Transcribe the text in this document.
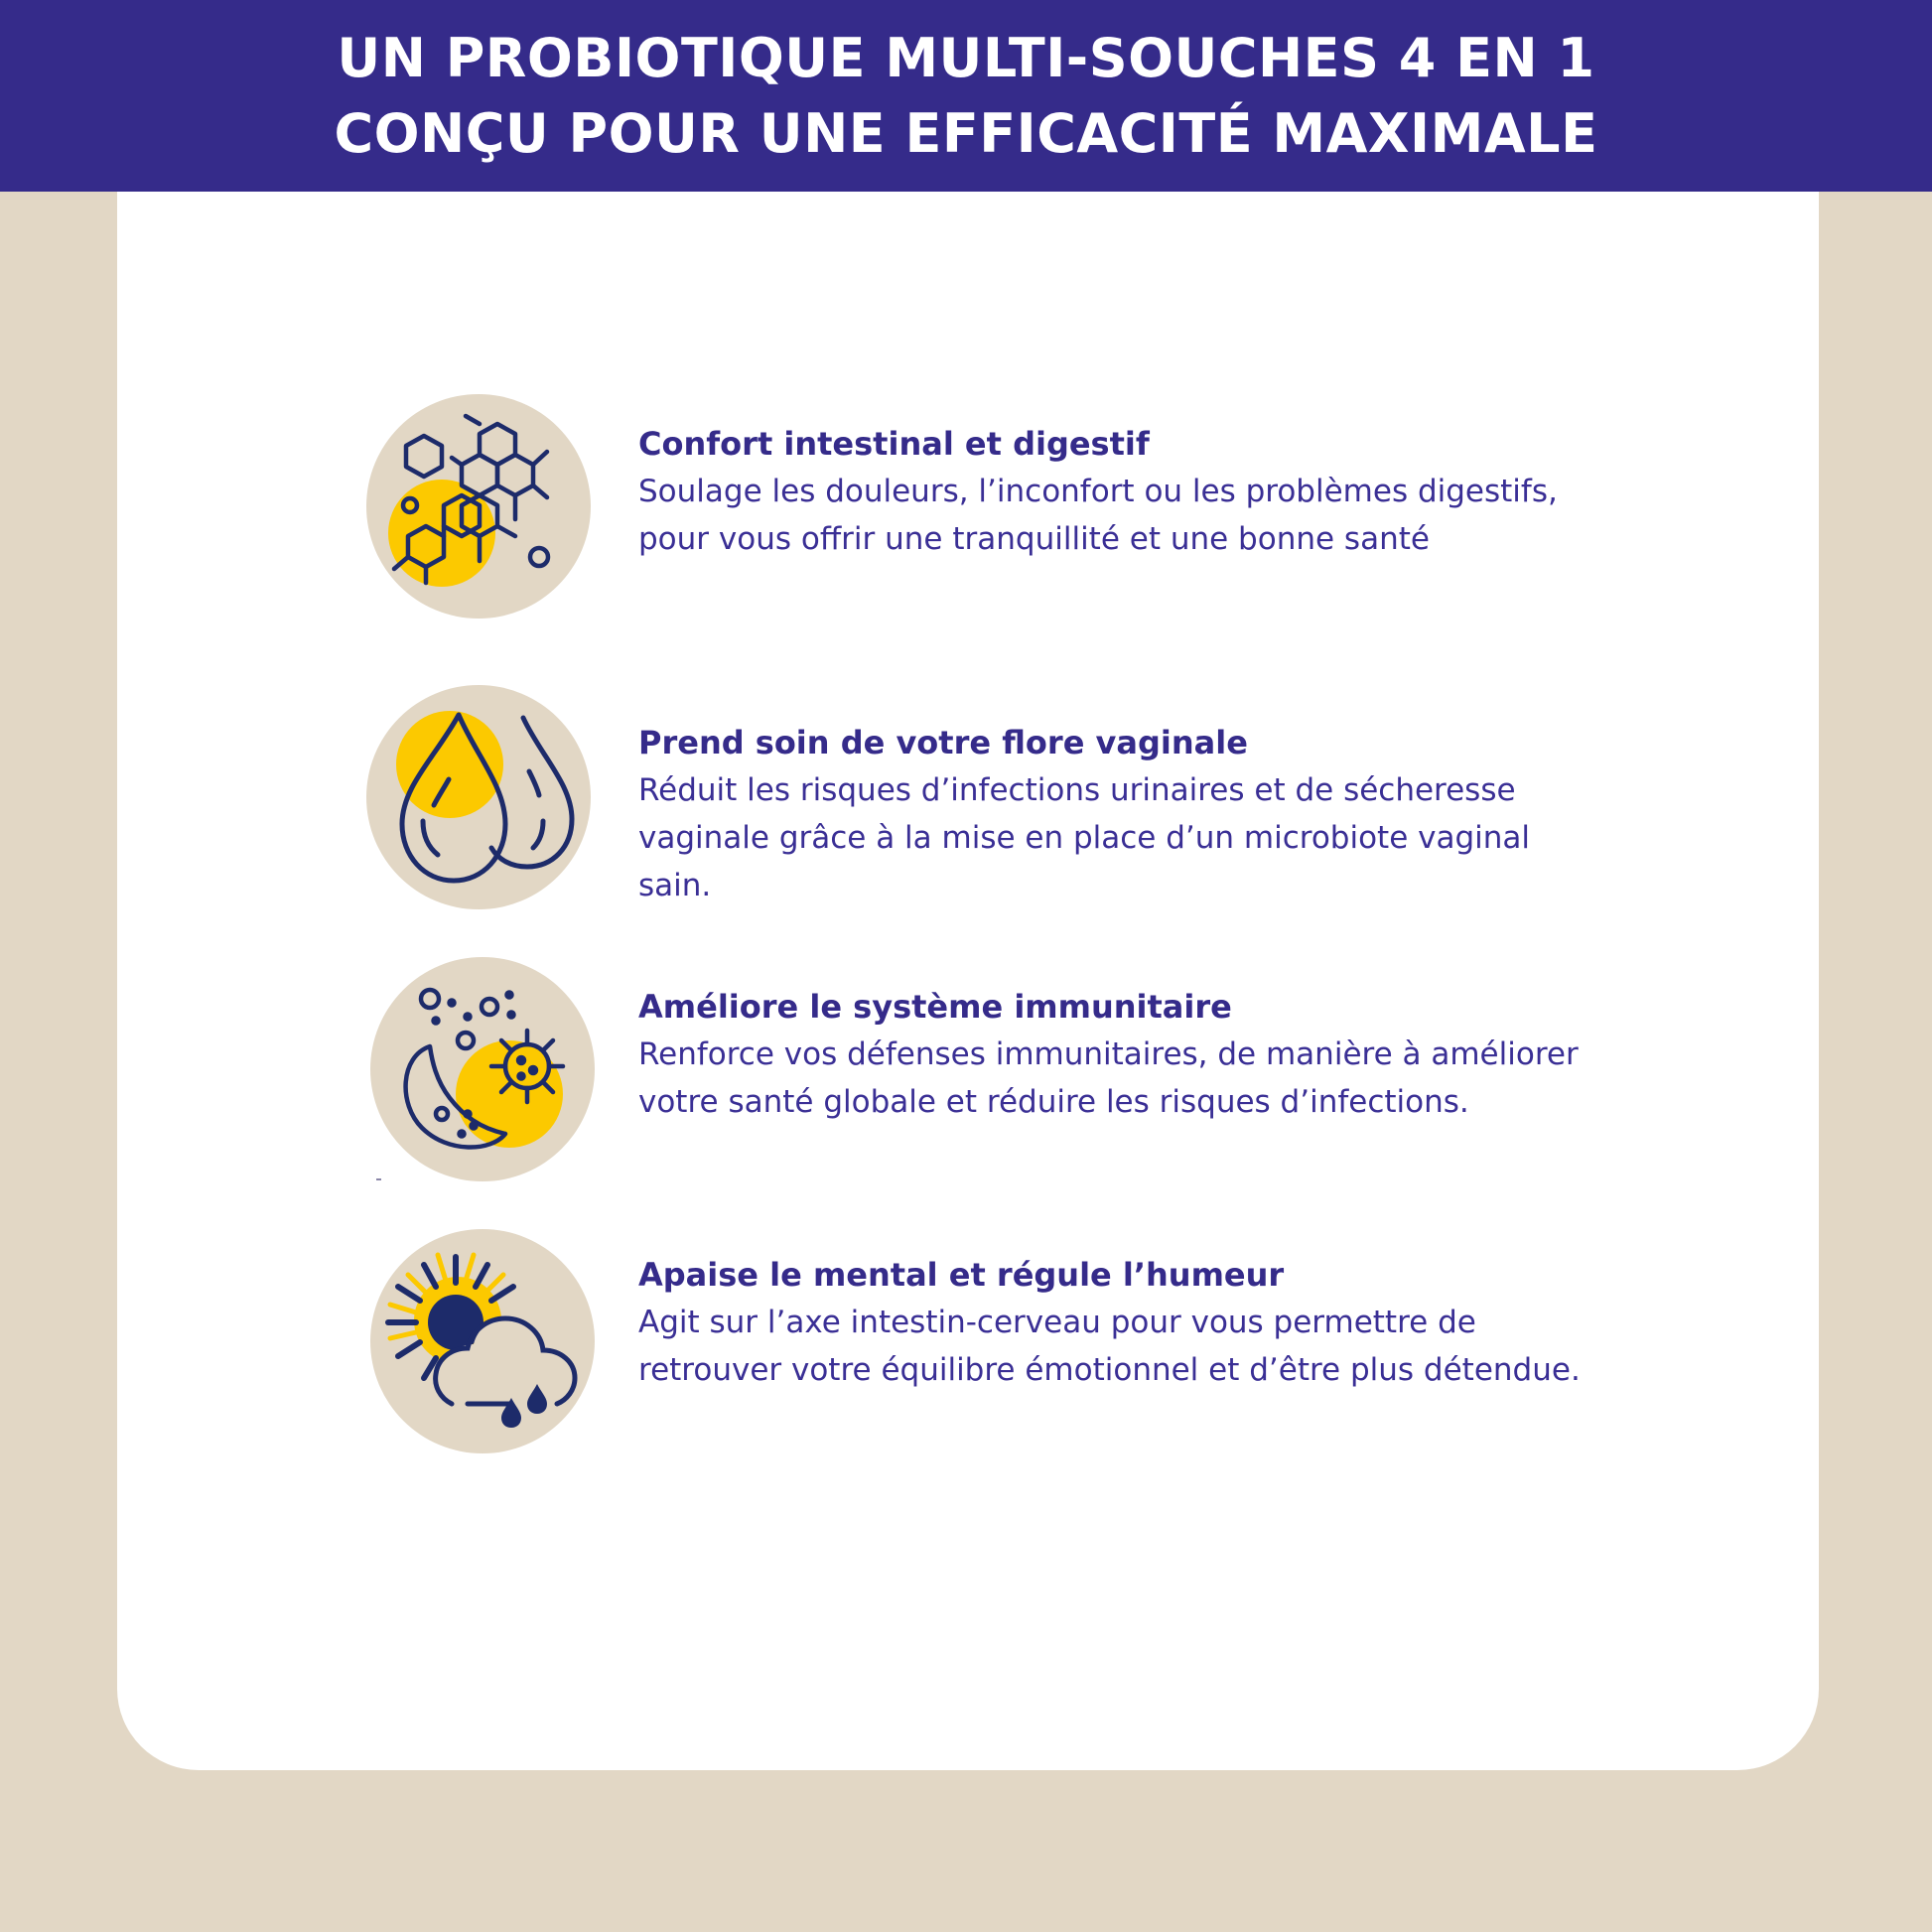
UN PROBIOTIQUE MULTI-SOUCHES 4 EN 1
CONÇU POUR UNE EFFICACITÉ MAXIMALE

Confort intestinal et digestif

Soulage les douleurs, l’inconfort ou les problèmes digestifs,
pour vous offrir une tranquillité et une bonne santé

Prend soin de votre flore vaginale

Réduit les risques d’infections urinaires et de sécheresse
vaginale grâce à la mise en place d’un microbiote vaginal
sain.

Améliore le système immunitaire

Renforce vos défenses immunitaires, de manière à améliorer
votre santé globale et réduire les risques d’infections.

Apaise le mental et régule l’humeur

Agit sur l’axe intestin-cerveau pour vous permettre de
retrouver votre équilibre émotionnel et d’être plus détendue.
